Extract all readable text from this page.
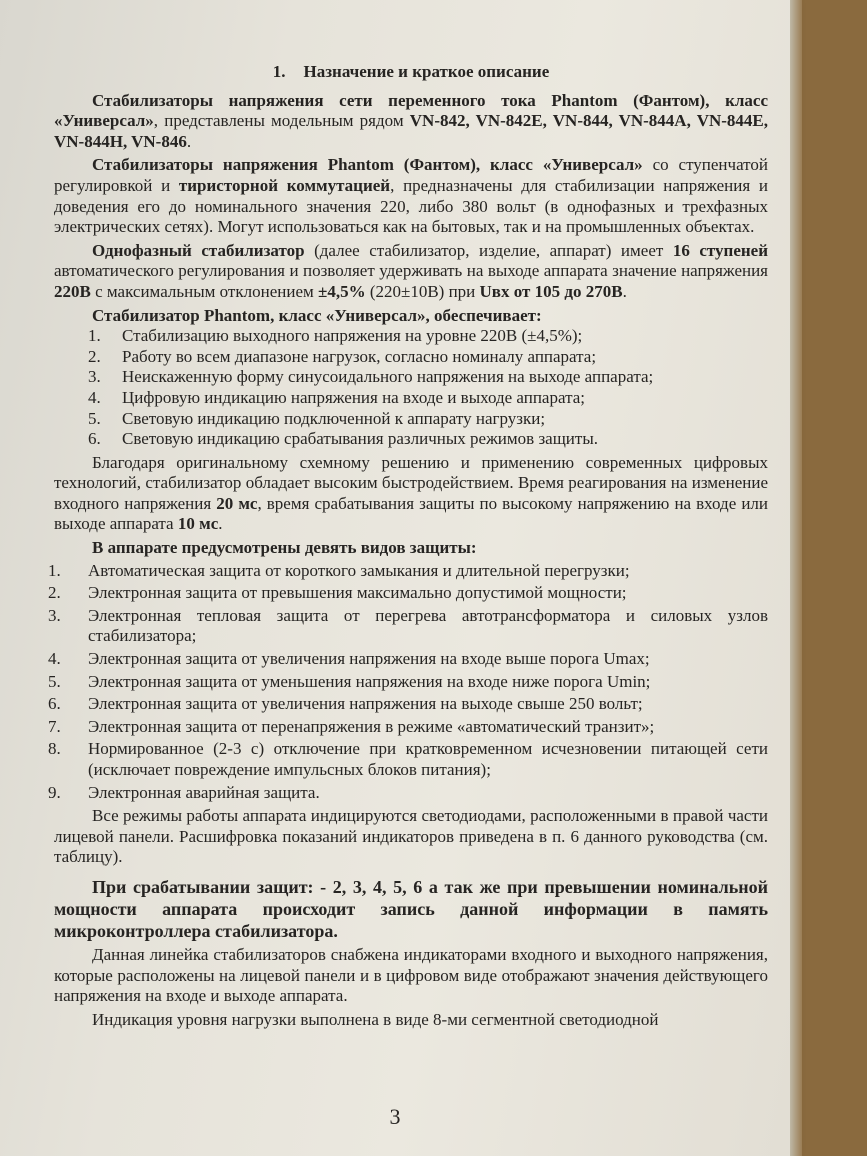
1. Назначение и краткое описание

Стабилизаторы напряжения сети переменного тока Phantom (Фантом), класс «Универсал», представлены модельным рядом VN-842, VN-842E, VN-844, VN-844A, VN-844E, VN-844H, VN-846.

Стабилизаторы напряжения Phantom (Фантом), класс «Универсал» со ступенчатой регулировкой и тиристорной коммутацией, предназначены для стабилизации напряжения и доведения его до номинального значения 220, либо 380 вольт (в однофазных и трехфазных электрических сетях). Могут использоваться как на бытовых, так и на промышленных объектах.

Однофазный стабилизатор (далее стабилизатор, изделие, аппарат) имеет 16 ступеней автоматического регулирования и позволяет удерживать на выходе аппарата значение напряжения 220В с максимальным отклонением ±4,5% (220±10В) при Uвх от 105 до 270В.

Стабилизатор Phantom, класс «Универсал», обеспечивает:

1. Стабилизацию выходного напряжения на уровне 220В (±4,5%);
2. Работу во всем диапазоне нагрузок, согласно номиналу аппарата;
3. Неискаженную форму синусоидального напряжения на выходе аппарата;
4. Цифровую индикацию напряжения на входе и выходе аппарата;
5. Световую индикацию подключенной к аппарату нагрузки;
6. Световую индикацию срабатывания различных режимов защиты.

Благодаря оригинальному схемному решению и применению современных цифровых технологий, стабилизатор обладает высоким быстродействием. Время реагирования на изменение входного напряжения 20 мс, время срабатывания защиты по высокому напряжению на входе или выходе аппарата 10 мс.

В аппарате предусмотрены девять видов защиты:

1. Автоматическая защита от короткого замыкания и длительной перегрузки;
2. Электронная защита от превышения максимально допустимой мощности;
3. Электронная тепловая защита от перегрева автотрансформатора и силовых узлов стабилизатора;
4. Электронная защита от увеличения напряжения на входе выше порога Umax;
5. Электронная защита от уменьшения напряжения на входе ниже порога Umin;
6. Электронная защита от увеличения напряжения на выходе свыше 250 вольт;
7. Электронная защита от перенапряжения в режиме «автоматический транзит»;
8. Нормированное (2-3 с) отключение при кратковременном исчезновении питающей сети (исключает повреждение импульсных блоков питания);
9. Электронная аварийная защита.

Все режимы работы аппарата индицируются светодиодами, расположенными в правой части лицевой панели. Расшифровка показаний индикаторов приведена в п. 6 данного руководства (см. таблицу).

При срабатывании защит: - 2, 3, 4, 5, 6 а так же при превышении номинальной мощности аппарата происходит запись данной информации в память микроконтроллера стабилизатора.

Данная линейка стабилизаторов снабжена индикаторами входного и выходного напряжения, которые расположены на лицевой панели и в цифровом виде отображают значения действующего напряжения на входе и выходе аппарата.

Индикация уровня нагрузки выполнена в виде 8-ми сегментной светодиодной

3
